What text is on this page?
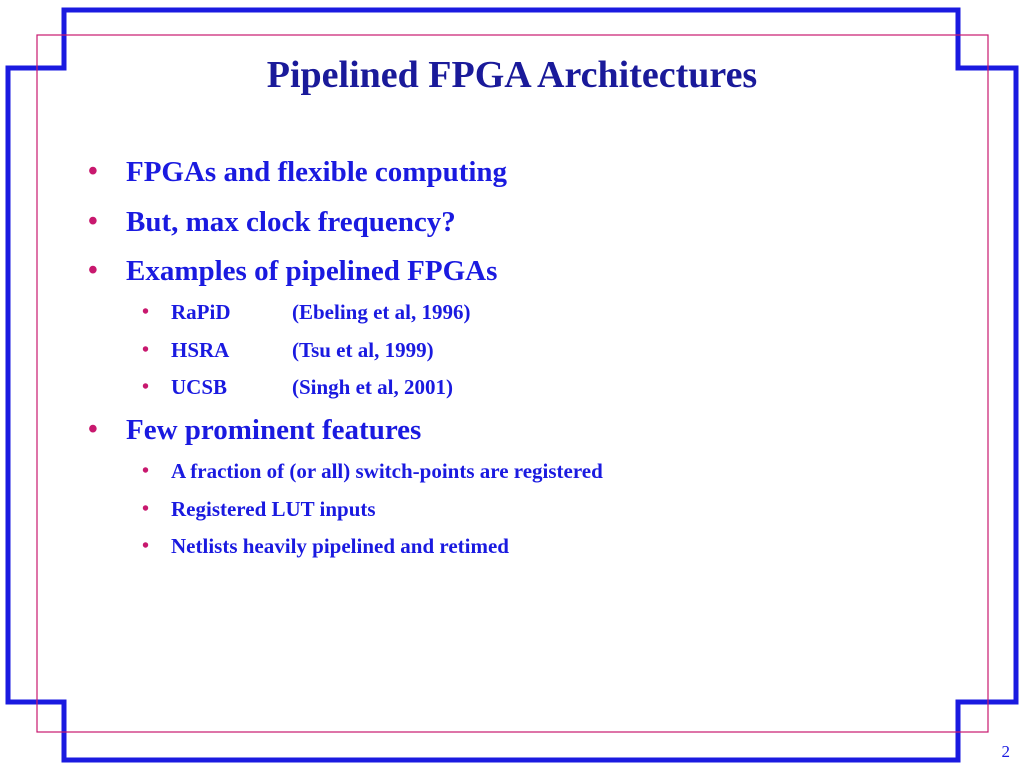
Pipelined FPGA Architectures
• FPGAs and flexible computing
• But, max clock frequency?
• Examples of pipelined FPGAs
• RaPiD	(Ebeling et al, 1996)
• HSRA	(Tsu et al, 1999)
• UCSB	(Singh et al, 2001)
• Few prominent features
• A fraction of (or all) switch-points are registered
• Registered LUT inputs
• Netlists heavily pipelined and retimed
2
